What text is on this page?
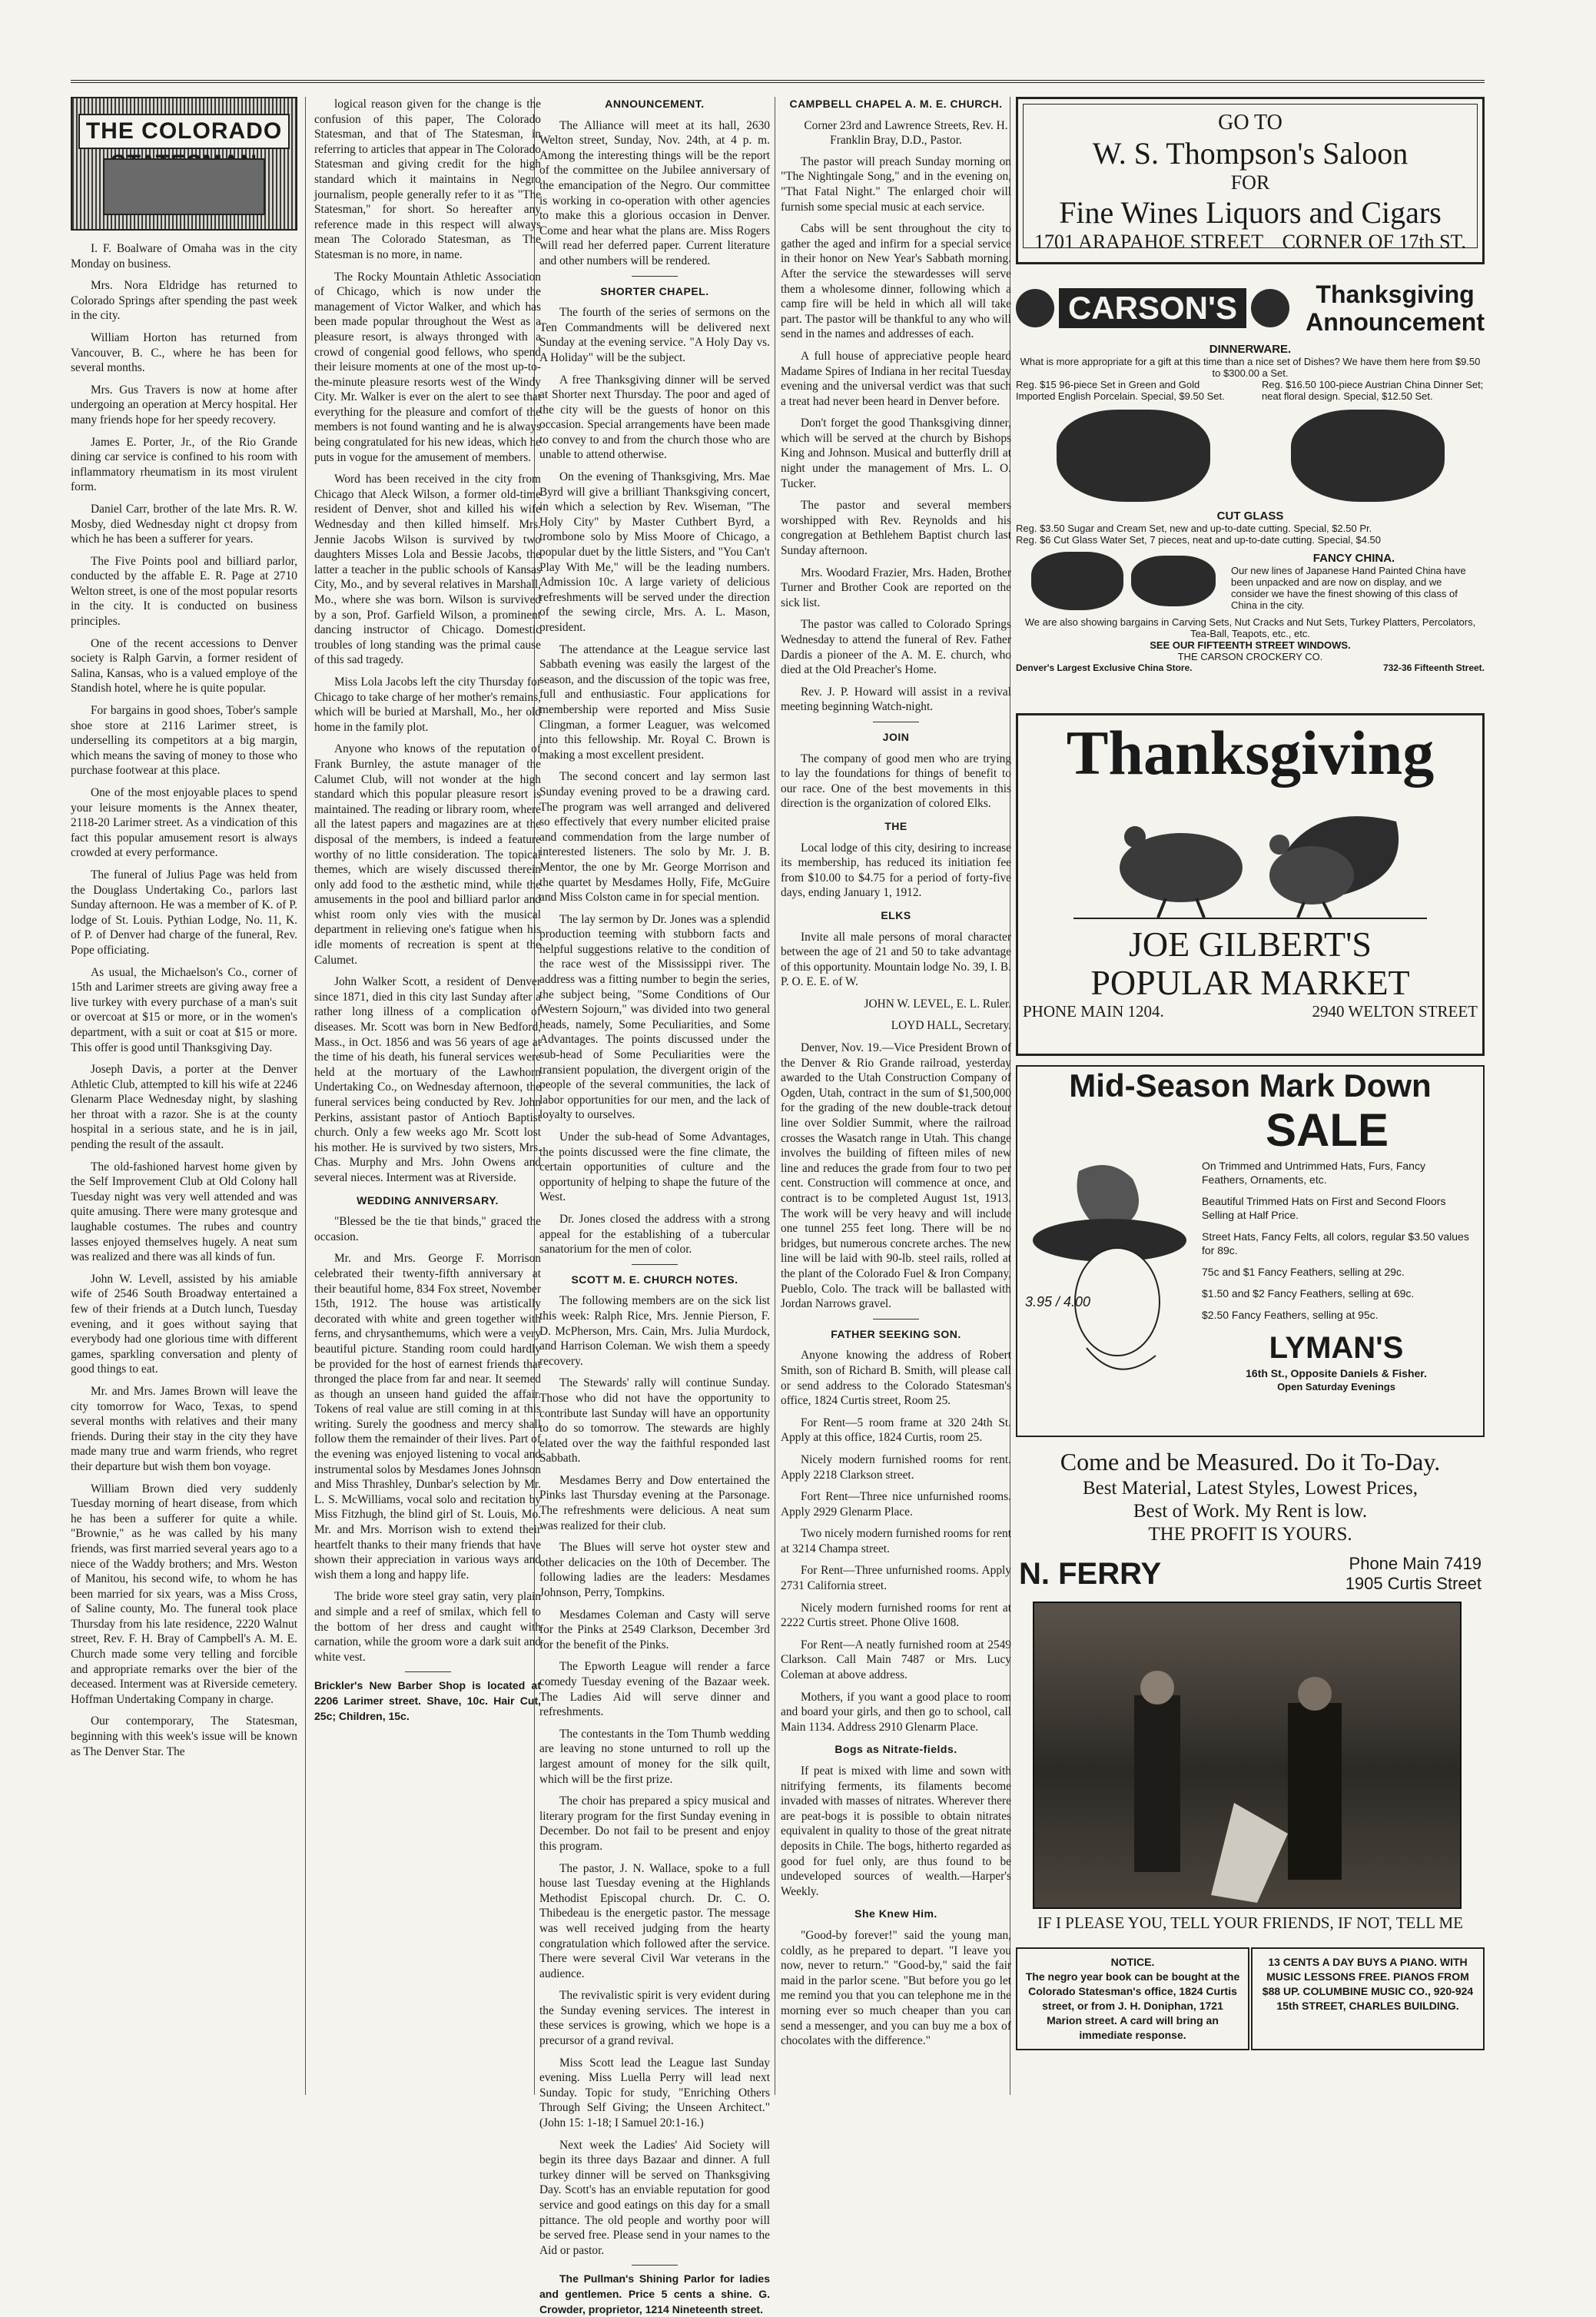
THE COLORADO

I. F. Boalware of Omaha was in the city Monday on business.

Mrs. Nora Eldridge has returned to Colorado Springs after spending the past week in the city.

William Horton has returned from Vancouver, B. C., where he has been for several months.

Mrs. Gus Travers is now at home after undergoing an operation at Mercy hospital. Her many friends hope for her speedy recovery.

James E. Porter, Jr., of the Rio Grande dining car service is confined to his room with inflammatory rheumatism in its most virulent form.

Daniel Carr, brother of the late Mrs. R. W. Mosby, died Wednesday night ct dropsy from which he has been a sufferer for years.

The Five Points pool and billiard parlor, conducted by the affable E. R. Page at 2710 Welton street, is one of the most popular resorts in the city. It is conducted on business principles.

One of the recent accessions to Denver society is Ralph Garvin, a former resident of Salina, Kansas, who is a valued employe of the Standish hotel, where he is quite popular.

For bargains in good shoes, Tober's sample shoe store at 2116 Larimer street, is underselling its competitors at a big margin, which means the saving of money to those who purchase footwear at this place.

One of the most enjoyable places to spend your leisure moments is the Annex theater, 2118-20 Larimer street. As a vindication of this fact this popular amusement resort is always crowded at every performance.

The funeral of Julius Page was held from the Douglass Undertaking Co., parlors last Sunday afternoon. He was a member of K. of P. lodge of St. Louis. Pythian Lodge, No. 11, K. of P. of Denver had charge of the funeral, Rev. Pope officiating.

As usual, the Michaelson's Co., corner of 15th and Larimer streets are giving away free a live turkey with every purchase of a man's suit or overcoat at $15 or more, or in the women's department, with a suit or coat at $15 or more. This offer is good until Thanksgiving Day.

Joseph Davis, a porter at the Denver Athletic Club, attempted to kill his wife at 2246 Glenarm Place Wednesday night, by slashing her throat with a razor. She is at the county hospital in a serious state, and he is in jail, pending the result of the assault.

The old-fashioned harvest home given by the Self Improvement Club at Old Colony hall Tuesday night was very well attended and was quite amusing. There were many grotesque and laughable costumes. The rubes and country lasses enjoyed themselves hugely. A neat sum was realized and there was all kinds of fun.

John W. Levell, assisted by his amiable wife of 2546 South Broadway entertained a few of their friends at a Dutch lunch, Tuesday evening, and it goes without saying that everybody had one glorious time with different games, sparkling conversation and plenty of good things to eat.

Mr. and Mrs. James Brown will leave the city tomorrow for Waco, Texas, to spend several months with relatives and their many friends. During their stay in the city they have made many true and warm friends, who regret their departure but wish them bon voyage.

William Brown died very suddenly Tuesday morning of heart disease, from which he has been a sufferer for quite a while. "Brownie," as he was called by his many friends, was first married several years ago to a niece of the Waddy brothers; and Mrs. Weston of Manitou, his second wife, to whom he has been married for six years, was a Miss Cross, of Saline county, Mo. The funeral took place Thursday from his late residence, 2220 Walnut street, Rev. F. H. Bray of Campbell's A. M. E. Church made some very telling and forcible and appropriate remarks over the bier of the deceased. Interment was at Riverside cemetery. Hoffman Undertaking Company in charge.

Our contemporary, The Statesman, beginning with this week's issue will be known as The Denver Star. The

logical reason given for the change is the confusion of this paper, The Colorado Statesman, and that of The Statesman, in referring to articles that appear in The Colorado Statesman and giving credit for the high standard which it maintains in Negro journalism, people generally refer to it as "The Statesman," for short. So hereafter any reference made in this respect will always mean The Colorado Statesman, as The Statesman is no more, in name.

The Rocky Mountain Athletic Association of Chicago, which is now under the management of Victor Walker, and which has been made popular throughout the West as a pleasure resort, is always thronged with a crowd of congenial good fellows, who spend their leisure moments at one of the most up-to-the-minute pleasure resorts west of the Windy City. Mr. Walker is ever on the alert to see that everything for the pleasure and comfort of the members is not found wanting and he is always being congratulated for his new ideas, which he puts in vogue for the amusement of members.

Word has been received in the city from Chicago that Aleck Wilson, a former old-time resident of Denver, shot and killed his wife Wednesday and then killed himself. Mrs. Jennie Jacobs Wilson is survived by two daughters Misses Lola and Bessie Jacobs, the latter a teacher in the public schools of Kansas City, Mo., and by several relatives in Marshall, Mo., where she was born. Wilson is survived by a son, Prof. Garfield Wilson, a prominent dancing instructor of Chicago. Domestic troubles of long standing was the primal cause of this sad tragedy.

Miss Lola Jacobs left the city Thursday for Chicago to take charge of her mother's remains, which will be buried at Marshall, Mo., her old home in the family plot.

Anyone who knows of the reputation of Frank Burnley, the astute manager of the Calumet Club, will not wonder at the high standard which this popular pleasure resort is maintained. The reading or library room, where all the latest papers and magazines are at the disposal of the members, is indeed a feature worthy of no little consideration. The topical themes, which are wisely discussed therein only add food to the æsthetic mind, while the amusements in the pool and billiard parlor and whist room only vies with the musical department in relieving one's fatigue when his idle moments of recreation is spent at the Calumet.

John Walker Scott, a resident of Denver since 1871, died in this city last Sunday after a rather long illness of a complication of diseases. Mr. Scott was born in New Bedford, Mass., in Oct. 1856 and was 56 years of age at the time of his death, his funeral services were held at the mortuary of the Lawhorn Undertaking Co., on Wednesday afternoon, the funeral services being conducted by Rev. John Perkins, assistant pastor of Antioch Baptist church. Only a few weeks ago Mr. Scott lost his mother. He is survived by two sisters, Mrs. Chas. Murphy and Mrs. John Owens and several nieces. Interment was at Riverside.

WEDDING ANNIVERSARY.

"Blessed be the tie that binds," graced the occasion.

Mr. and Mrs. George F. Morrison celebrated their twenty-fifth anniversary at their beautiful home, 834 Fox street, November 15th, 1912. The house was artistically decorated with white and green together with ferns, and chrysanthemums, which were a very beautiful picture. Standing room could hardly be provided for the host of earnest friends that thronged the place from far and near. It seemed as though an unseen hand guided the affair. Tokens of real value are still coming in at this writing. Surely the goodness and mercy shall follow them the remainder of their lives. Part of the evening was enjoyed listening to vocal and instrumental solos by Mesdames Jones Johnson and Miss Thrashley, Dunbar's selection by Mr. L. S. McWilliams, vocal solo and recitation by Miss Fitzhugh, the blind girl of St. Louis, Mo. Mr. and Mrs. Morrison wish to extend their heartfelt thanks to their many friends that have shown their appreciation in various ways and wish them a long and happy life.

The bride wore steel gray satin, very plain and simple and a reef of smilax, which fell to the bottom of her dress and caught with carnation, while the groom wore a dark suit and white vest.

Brickler's New Barber Shop is located at 2206 Larimer street. Shave, 10c. Hair Cut, 25c; Children, 15c.

ANNOUNCEMENT.

The Alliance will meet at its hall, 2630 Welton street, Sunday, Nov. 24th, at 4 p. m. Among the interesting things will be the report of the committee on the Jubilee anniversary of the emancipation of the Negro. Our committee is working in co-operation with other agencies to make this a glorious occasion in Denver. Come and hear what the plans are. Miss Rogers will read her deferred paper. Current literature and other numbers will be rendered.

SHORTER CHAPEL.

The fourth of the series of sermons on the Ten Commandments will be delivered next Sunday at the evening service. "A Holy Day vs. A Holiday" will be the subject.

A free Thanksgiving dinner will be served at Shorter next Thursday. The poor and aged of the city will be the guests of honor on this occasion. Special arrangements have been made to convey to and from the church those who are unable to attend otherwise.

On the evening of Thanksgiving, Mrs. Mae Byrd will give a brilliant Thanksgiving concert, in which a selection by Rev. Wiseman, "The Holy City" by Master Cuthbert Byrd, a trombone solo by Miss Moore of Chicago, a popular duet by the little Sisters, and "You Can't Play With Me," will be the leading numbers. Admission 10c. A large variety of delicious refreshments will be served under the direction of the sewing circle, Mrs. A. L. Mason, president.

The attendance at the League service last Sabbath evening was easily the largest of the season, and the discussion of the topic was free, full and enthusiastic. Four applications for membership were reported and Miss Susie Clingman, a former Leaguer, was welcomed into this fellowship. Mr. Royal C. Brown is making a most excellent president.

The second concert and lay sermon last Sunday evening proved to be a drawing card. The program was well arranged and delivered so effectively that every number elicited praise and commendation from the large number of interested listeners. The solo by Mr. J. B. Mentor, the one by Mr. George Morrison and the quartet by Mesdames Holly, Fife, McGuire and Miss Colston came in for special mention.

The lay sermon by Dr. Jones was a splendid production teeming with stubborn facts and helpful suggestions relative to the condition of the race west of the Mississippi river. The address was a fitting number to begin the series, the subject being, "Some Conditions of Our Western Sojourn," was divided into two general heads, namely, Some Peculiarities, and Some Advantages. The points discussed under the sub-head of Some Peculiarities were the transient population, the divergent origin of the people of the several communities, the lack of labor opportunities for our men, and the lack of loyalty to ourselves.

Under the sub-head of Some Advantages, the points discussed were the fine climate, the certain opportunities of culture and the opportunity of helping to shape the future of the West.

Dr. Jones closed the address with a strong appeal for the establishing of a tubercular sanatorium for the men of color.

SCOTT M. E. CHURCH NOTES.

The following members are on the sick list this week: Ralph Rice, Mrs. Jennie Pierson, F. D. McPherson, Mrs. Cain, Mrs. Julia Murdock, and Harrison Coleman. We wish them a speedy recovery.

The Stewards' rally will continue Sunday. Those who did not have the opportunity to contribute last Sunday will have an opportunity to do so tomorrow. The stewards are highly elated over the way the faithful responded last Sabbath.

Mesdames Berry and Dow entertained the Pinks last Thursday evening at the Parsonage. The refreshments were delicious. A neat sum was realized for their club.

The Blues will serve hot oyster stew and other delicacies on the 10th of December. The following ladies are the leaders: Mesdames Johnson, Perry, Tompkins.

Mesdames Coleman and Casty will serve for the Pinks at 2549 Clarkson, December 3rd for the benefit of the Pinks.

The Epworth League will render a farce comedy Tuesday evening of the Bazaar week. The Ladies Aid will serve dinner and refreshments.

The contestants in the Tom Thumb wedding are leaving no stone unturned to roll up the largest amount of money for the silk quilt, which will be the first prize.

The choir has prepared a spicy musical and literary program for the first Sunday evening in December. Do not fail to be present and enjoy this program.

The pastor, J. N. Wallace, spoke to a full house last Tuesday evening at the Highlands Methodist Episcopal church. Dr. C. O. Thibedeau is the energetic pastor. The message was well received judging from the hearty congratulation which followed after the service. There were several Civil War veterans in the audience.

The revivalistic spirit is very evident during the Sunday evening services. The interest in these services is growing, which we hope is a precursor of a grand revival.

Miss Scott lead the League last Sunday evening. Miss Luella Perry will lead next Sunday. Topic for study, "Enriching Others Through Self Giving; the Unseen Architect." (John 15: 1-18; I Samuel 20:1-16.)

Next week the Ladies' Aid Society will begin its three days Bazaar and dinner. A full turkey dinner will be served on Thanksgiving Day. Scott's has an enviable reputation for good service and good eatings on this day for a small pittance. The old people and worthy poor will be served free. Please send in your names to the Aid or pastor.

The Pullman's Shining Parlor for ladies and gentlemen. Price 5 cents a shine. G. Crowder, proprietor, 1214 Nineteenth street.

CAMPBELL CHAPEL A. M. E. CHURCH.

Corner 23rd and Lawrence Streets, Rev. H. Franklin Bray, D.D., Pastor.

The pastor will preach Sunday morning on "The Nightingale Song," and in the evening on, "That Fatal Night." The enlarged choir will furnish some special music at each service.

Cabs will be sent throughout the city to gather the aged and infirm for a special service in their honor on New Year's Sabbath morning. After the service the stewardesses will serve them a wholesome dinner, following which a camp fire will be held in which all will take part. The pastor will be thankful to any who will send in the names and addresses of each.

A full house of appreciative people heard Madame Spires of Indiana in her recital Tuesday evening and the universal verdict was that such a treat had never been heard in Denver before.

Don't forget the good Thanksgiving dinner, which will be served at the church by Bishops King and Johnson. Musical and butterfly drill at night under the management of Mrs. L. O. Tucker.

The pastor and several members worshipped with Rev. Reynolds and his congregation at Bethlehem Baptist church last Sunday afternoon.

Mrs. Woodard Frazier, Mrs. Haden, Brother Turner and Brother Cook are reported on the sick list.

The pastor was called to Colorado Springs Wednesday to attend the funeral of Rev. Father Dardis a pioneer of the A. M. E. church, who died at the Old Preacher's Home.

Rev. J. P. Howard will assist in a revival meeting beginning Watch-night.

JOIN

The company of good men who are trying to lay the foundations for things of benefit to our race. One of the best movements in this direction is the organization of colored Elks.

THE

Local lodge of this city, desiring to increase its membership, has reduced its initiation fee from $10.00 to $4.75 for a period of forty-five days, ending January 1, 1912.

ELKS

Invite all male persons of moral character between the age of 21 and 50 to take advantage of this opportunity. Mountain lodge No. 39, I. B. P. O. E. E. of W.

JOHN W. LEVEL, E. L. Ruler.

LOYD HALL, Secretary.

Denver, Nov. 19.—Vice President Brown of the Denver & Rio Grande railroad, yesterday awarded to the Utah Construction Company of Ogden, Utah, contract in the sum of $1,500,000 for the grading of the new double-track detour line over Soldier Summit, where the railroad crosses the Wasatch range in Utah. This change involves the building of fifteen miles of new line and reduces the grade from four to two per cent. Construction will commence at once, and contract is to be completed August 1st, 1913. The work will be very heavy and will include one tunnel 255 feet long. There will be no bridges, but numerous concrete arches. The new line will be laid with 90-lb. steel rails, rolled at the plant of the Colorado Fuel & Iron Company, Pueblo, Colo. The track will be ballasted with Jordan Narrows gravel.

FATHER SEEKING SON.

Anyone knowing the address of Robert Smith, son of Richard B. Smith, will please call or send address to the Colorado Statesman's office, 1824 Curtis street, Room 25.

For Rent—5 room frame at 320 24th St. Apply at this office, 1824 Curtis, room 25.

Nicely modern furnished rooms for rent. Apply 2218 Clarkson street.

Fort Rent—Three nice unfurnished rooms. Apply 2929 Glenarm Place.

Two nicely modern furnished rooms for rent at 3214 Champa street.

For Rent—Three unfurnished rooms. Apply 2731 California street.

Nicely modern furnished rooms for rent at 2222 Curtis street. Phone Olive 1608.

For Rent—A neatly furnished room at 2549 Clarkson. Call Main 7487 or Mrs. Lucy Coleman at above address.

Mothers, if you want a good place to room and board your girls, and then go to school, call Main 1134. Address 2910 Glenarm Place.

Bogs as Nitrate-fields.

If peat is mixed with lime and sown with nitrifying ferments, its filaments become invaded with masses of nitrates. Wherever there are peat-bogs it is possible to obtain nitrates equivalent in quality to those of the great nitrate deposits in Chile. The bogs, hitherto regarded as good for fuel only, are thus found to be undeveloped sources of wealth.—Harper's Weekly.

She Knew Him.

"Good-by forever!" said the young man, coldly, as he prepared to depart. "I leave you now, never to return." "Good-by," said the fair maid in the parlor scene. "But before you go let me remind you that you can telephone me in the morning ever so much cheaper than you can send a messenger, and you can buy me a box of chocolates with the difference."

GO TO
W. S. Thompson's Saloon
FOR
Fine Wines Liquors and Cigars
1701 ARAPAHOE STREET CORNER OF 17th ST.
CARSON'S	Thanksgiving
Announcement
DINNERWARE.
What is more appropriate for a gift at this time than a nice set of Dishes? We have them here from $9.50 to $300.00 a Set.
Reg. $15 96-piece Set in Green and Gold Imported English Porcelain. Special, $9.50 Set.
Reg. $16.50 100-piece Austrian China Dinner Set; neat floral design. Special, $12.50 Set.
CUT GLASS
Reg. $3.50 Sugar and Cream Set, new and up-to-date cutting. Special, $2.50 Pr.
Reg. $6 Cut Glass Water Set, 7 pieces, neat and up-to-date cutting. Special, $4.50
FANCY CHINA.
Our new lines of Japanese Hand Painted China have been unpacked and are now on display, and we consider we have the finest showing of this class of China in the city.
We are also showing bargains in Carving Sets, Nut Cracks and Nut Sets, Turkey Platters, Percolators, Tea-Ball, Teapots, etc., etc.
SEE OUR FIFTEENTH STREET WINDOWS.
THE CARSON CROCKERY CO.
Denver's Largest Exclusive China Store.	732-36 Fifteenth Street.
Thanksgiving
JOE GILBERT'S
POPULAR MARKET
PHONE MAIN 1204.	2940 WELTON STREET
Mid-Season Mark Down
SALE
3.95 / 4.00

On Trimmed and Untrimmed Hats, Furs, Fancy Feathers, Ornaments, etc.

Beautiful Trimmed Hats on First and Second Floors Selling at Half Price.

Street Hats, Fancy Felts, all colors, regular $3.50 values for 89c.

75c and $1 Fancy Feathers, selling at 29c.

$1.50 and $2 Fancy Feathers, selling at 69c.

$2.50 Fancy Feathers, selling at 95c.

LYMAN'S
16th St., Opposite Daniels & Fisher.
Open Saturday Evenings
Come and be Measured. Do it To-Day.
Best Material, Latest Styles, Lowest Prices,
Best of Work. My Rent is low.
THE PROFIT IS YOURS.
N. FERRY	Phone Main 7419
1905 Curtis Street
IF I PLEASE YOU, TELL YOUR FRIENDS, IF NOT, TELL ME
NOTICE.
The negro year book can be bought at the Colorado Statesman's office, 1824 Curtis street, or from J. H. Doniphan, 1721 Marion street. A card will bring an immediate response.
13 CENTS A DAY BUYS A PIANO. WITH MUSIC LESSONS FREE. PIANOS FROM $88 UP. COLUMBINE MUSIC CO., 920-924 15th STREET, CHARLES BUILDING.
